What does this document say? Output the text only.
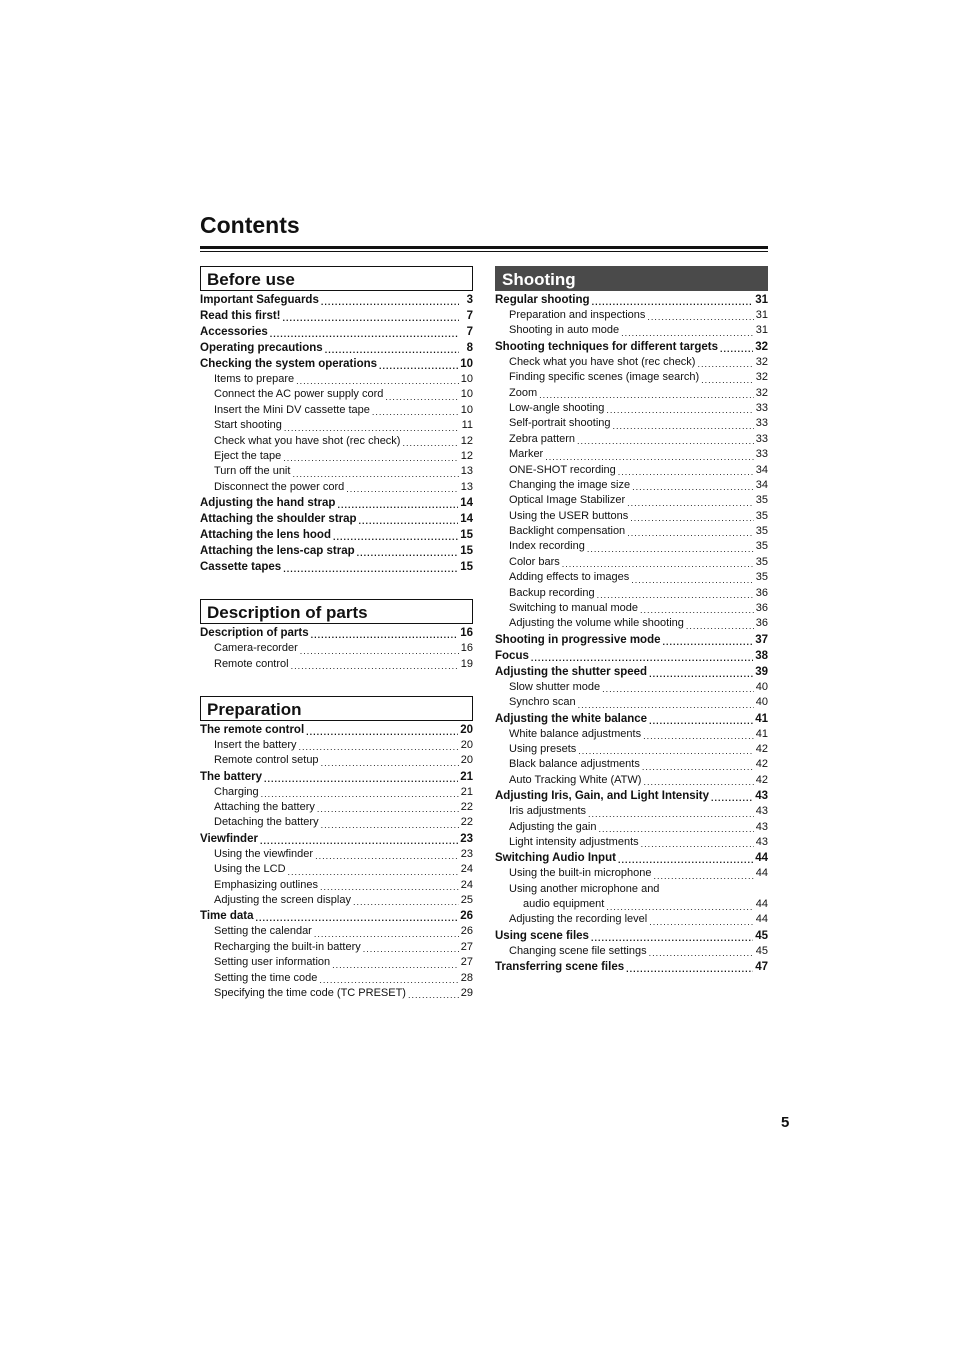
Contents
Before use
Important Safeguards .....	3
Read this first! .....	7
Accessories .....	7
Operating precautions .....	8
Checking the system operations .....	10
Items to prepare .....	10
Connect the AC power supply cord .....	10
Insert the Mini DV cassette tape .....	10
Start shooting .....	11
Check what you have shot (rec check) .....	12
Eject the tape .....	12
Turn off the unit .....	13
Disconnect the power cord .....	13
Adjusting the hand strap .....	14
Attaching the shoulder strap .....	14
Attaching the lens hood .....	15
Attaching the lens-cap strap .....	15
Cassette tapes .....	15
Description of parts
Description of parts .....	16
Camera-recorder .....	16
Remote control .....	19
Preparation
The remote control .....	20
Insert the battery .....	20
Remote control setup .....	20
The battery .....	21
Charging .....	21
Attaching the battery .....	22
Detaching the battery .....	22
Viewfinder .....	23
Using the viewfinder .....	23
Using the LCD .....	24
Emphasizing outlines .....	24
Adjusting the screen display .....	25
Time data .....	26
Setting the calendar .....	26
Recharging the built-in battery .....	27
Setting user information .....	27
Setting the time code .....	28
Specifying the time code (TC PRESET) .....	29
Shooting
Regular shooting .....	31
Preparation and inspections .....	31
Shooting in auto mode .....	31
Shooting techniques for different targets .....	32
Check what you have shot (rec check) .....	32
Finding specific scenes (image search) .....	32
Zoom .....	32
Low-angle shooting .....	33
Self-portrait shooting .....	33
Zebra pattern .....	33
Marker .....	33
ONE-SHOT recording .....	34
Changing the image size .....	34
Optical Image Stabilizer .....	35
Using the USER buttons .....	35
Backlight compensation .....	35
Index recording .....	35
Color bars .....	35
Adding effects to images .....	35
Backup recording .....	36
Switching to manual mode .....	36
Adjusting the volume while shooting .....	36
Shooting in progressive mode .....	37
Focus .....	38
Adjusting the shutter speed .....	39
Slow shutter mode .....	40
Synchro scan .....	40
Adjusting the white balance .....	41
White balance adjustments .....	41
Using presets .....	42
Black balance adjustments .....	42
Auto Tracking White (ATW) .....	42
Adjusting Iris, Gain, and Light Intensity .....	43
Iris adjustments .....	43
Adjusting the gain .....	43
Light intensity adjustments .....	43
Switching Audio Input .....	44
Using the built-in microphone .....	44
Using another microphone and
audio equipment .....	44
Adjusting the recording level .....	44
Using scene files .....	45
Changing scene file settings .....	45
Transferring scene files .....	47
5
